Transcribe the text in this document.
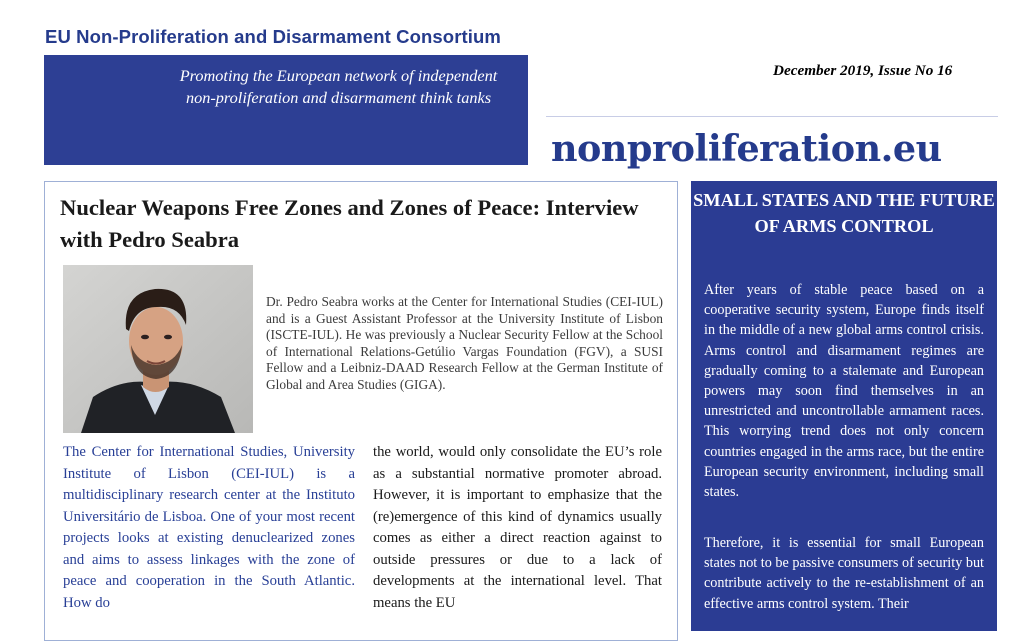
EU Non-Proliferation and Disarmament Consortium
Promoting the European network of independent non-proliferation and disarmament think tanks
December 2019, Issue No 16
nonproliferation.eu
Nuclear Weapons Free Zones and Zones of Peace: Interview with Pedro Seabra
Dr. Pedro Seabra works at the Center for International Studies (CEI-IUL) and is a Guest Assistant Professor at the University Institute of Lisbon (ISCTE-IUL). He was previously a Nuclear Security Fellow at the School of International Relations-Getúlio Vargas Foundation (FGV), a SUSI Fellow and a Leibniz-DAAD Research Fellow at the German Institute of Global and Area Studies (GIGA).
The Center for International Studies, University Institute of Lisbon (CEI-IUL) is a multidisciplinary research center at the Instituto Universitário de Lisboa. One of your most recent projects looks at existing denuclearized zones and aims to assess linkages with the zone of peace and cooperation in the South Atlantic. How do
the world, would only consolidate the EU’s role as a substantial normative promoter abroad. However, it is important to emphasize that the (re)emergence of this kind of dynamics usually comes as either a direct reaction against to outside pressures or due to a lack of developments at the international level. That means the EU
SMALL STATES AND THE FUTURE OF ARMS CONTROL
After years of stable peace based on a cooperative security system, Europe finds itself in the middle of a new global arms control crisis. Arms control and disarmament regimes are gradually coming to a stalemate and European powers may soon find themselves in an unrestricted and uncontrollable armament races. This worrying trend does not only concern countries engaged in the arms race, but the entire European security environment, including small states.
Therefore, it is essential for small European states not to be passive consumers of security but contribute actively to the re-establishment of an effective arms control system. Their
